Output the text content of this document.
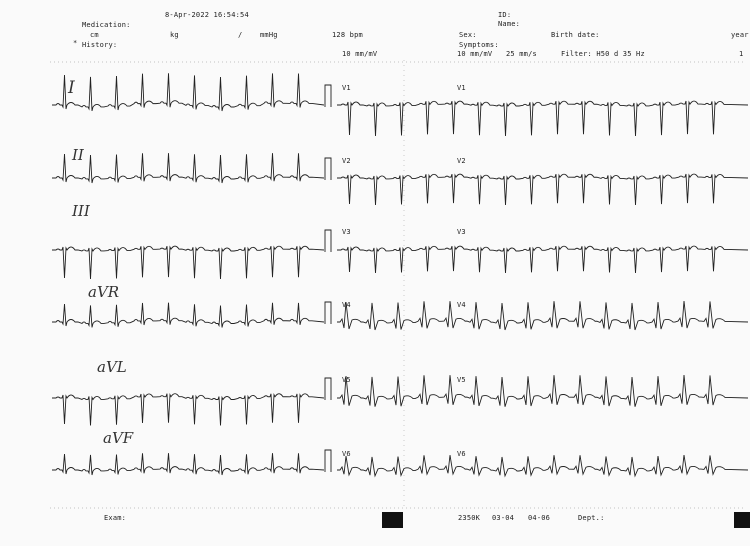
8-Apr-2022 16:54:54
Medication:
cm	kg	/	mmHg	128 bpm
* History:
10 mm/mV
ID:
Name:
Sex:	Birth date:	year
Symptoms:
10 mm/mV 25 mm/s	Filter: H50 d 35 Hz	1
I
II
III
aVR
aVL
aVF
V1
V2
V3
V4
V5
V6
V1
V2
V3
V4
V5
V6
Exam:	2350K 03-04 04-06	Dept.:
